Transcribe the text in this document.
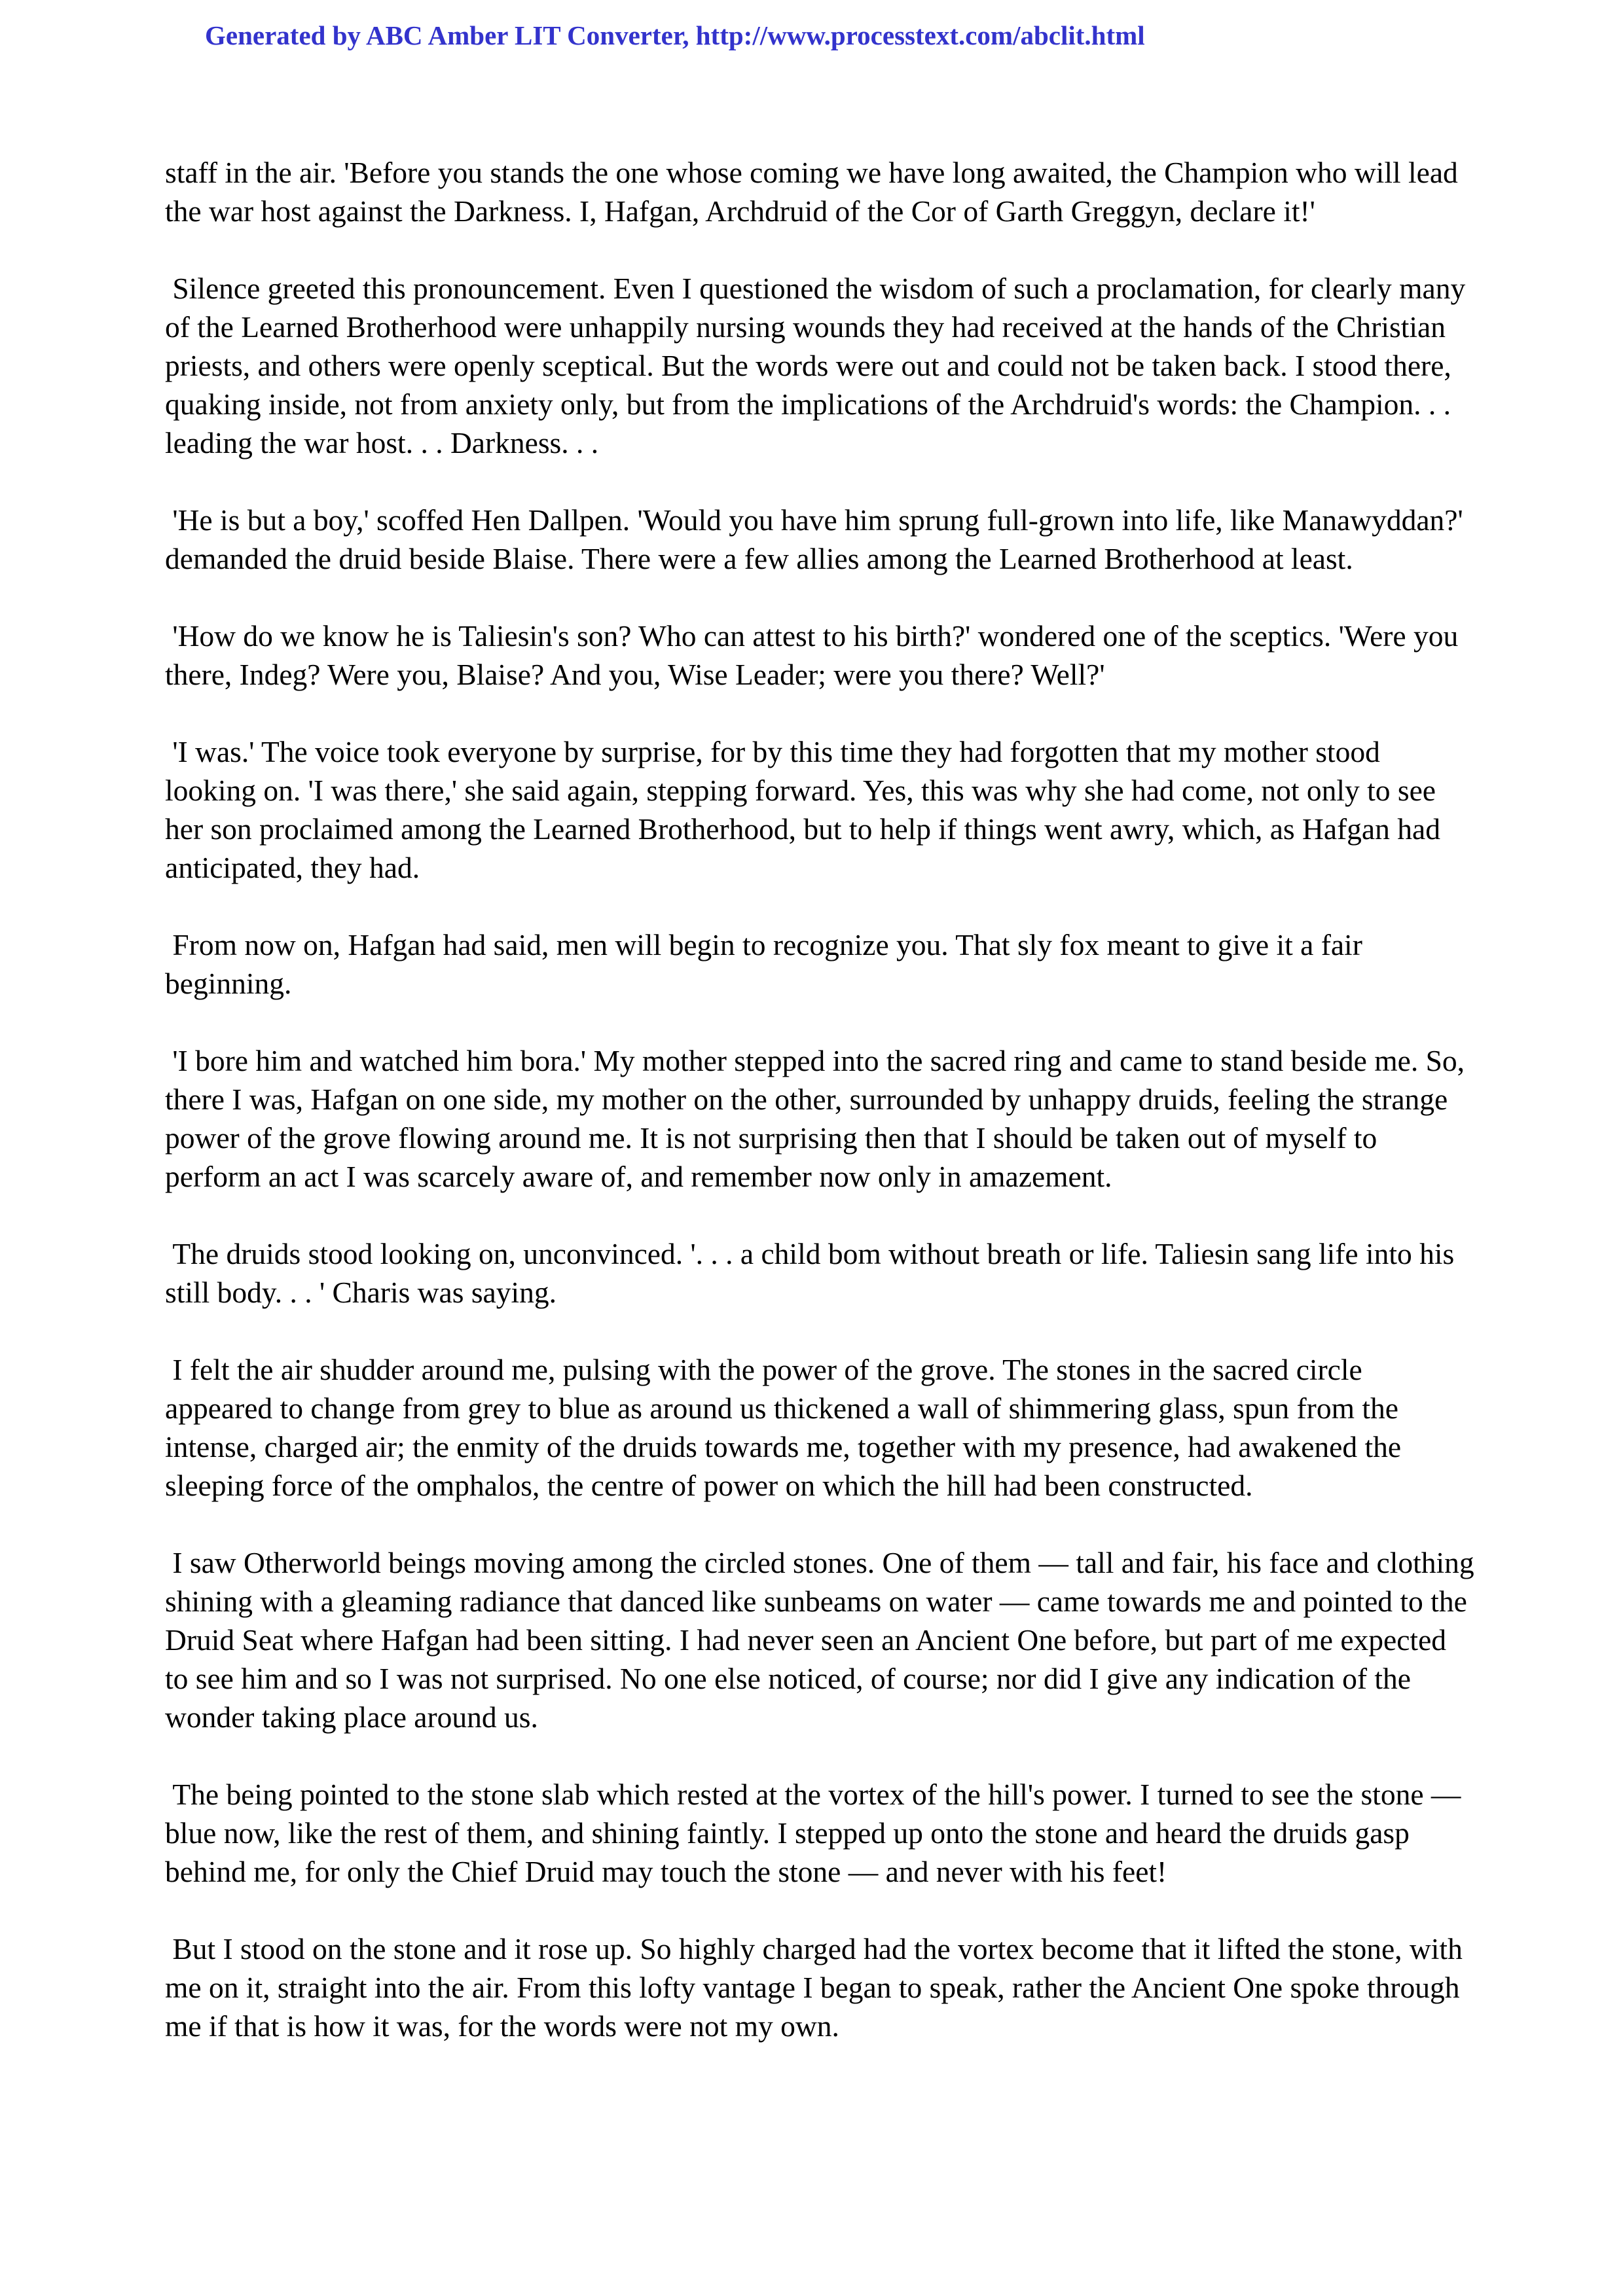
Generated by ABC Amber LIT Converter, http://www.processtext.com/abclit.html

staff in the air. 'Before you stands the one whose coming we have long awaited, the Champion who will lead the war host against the Darkness. I, Hafgan, Archdruid of the Cor of Garth Greggyn, declare it!'

Silence greeted this pronouncement. Even I questioned the wisdom of such a proclamation, for clearly many of the Learned Brotherhood were unhappily nursing wounds they had received at the hands of the Christian priests, and others were openly sceptical. But the words were out and could not be taken back. I stood there, quaking inside, not from anxiety only, but from the implications of the Archdruid's words: the Champion. . . leading the war host. . . Darkness. . .

'He is but a boy,' scoffed Hen Dallpen. 'Would you have him sprung full-grown into life, like Manawyddan?' demanded the druid beside Blaise. There were a few allies among the Learned Brotherhood at least.

'How do we know he is Taliesin's son? Who can attest to his birth?' wondered one of the sceptics. 'Were you there, Indeg? Were you, Blaise? And you, Wise Leader; were you there? Well?'

'I was.' The voice took everyone by surprise, for by this time they had forgotten that my mother stood looking on. 'I was there,' she said again, stepping forward. Yes, this was why she had come, not only to see her son proclaimed among the Learned Brotherhood, but to help if things went awry, which, as Hafgan had anticipated, they had.

From now on, Hafgan had said, men will begin to recognize you. That sly fox meant to give it a fair beginning.

'I bore him and watched him bora.' My mother stepped into the sacred ring and came to stand beside me. So, there I was, Hafgan on one side, my mother on the other, surrounded by unhappy druids, feeling the strange power of the grove flowing around me. It is not surprising then that I should be taken out of myself to perform an act I was scarcely aware of, and remember now only in amazement.

The druids stood looking on, unconvinced. '. . . a child bom without breath or life. Taliesin sang life into his still body. . . ' Charis was saying.

I felt the air shudder around me, pulsing with the power of the grove. The stones in the sacred circle appeared to change from grey to blue as around us thickened a wall of shimmering glass, spun from the intense, charged air; the enmity of the druids towards me, together with my presence, had awakened the sleeping force of the omphalos, the centre of power on which the hill had been constructed.

I saw Otherworld beings moving among the circled stones. One of them — tall and fair, his face and clothing shining with a gleaming radiance that danced like sunbeams on water — came towards me and pointed to the Druid Seat where Hafgan had been sitting. I had never seen an Ancient One before, but part of me expected to see him and so I was not surprised. No one else noticed, of course; nor did I give any indication of the wonder taking place around us.

The being pointed to the stone slab which rested at the vortex of the hill's power. I turned to see the stone — blue now, like the rest of them, and shining faintly. I stepped up onto the stone and heard the druids gasp behind me, for only the Chief Druid may touch the stone — and never with his feet!

But I stood on the stone and it rose up. So highly charged had the vortex become that it lifted the stone, with me on it, straight into the air. From this lofty vantage I began to speak, rather the Ancient One spoke through me if that is how it was, for the words were not my own.
